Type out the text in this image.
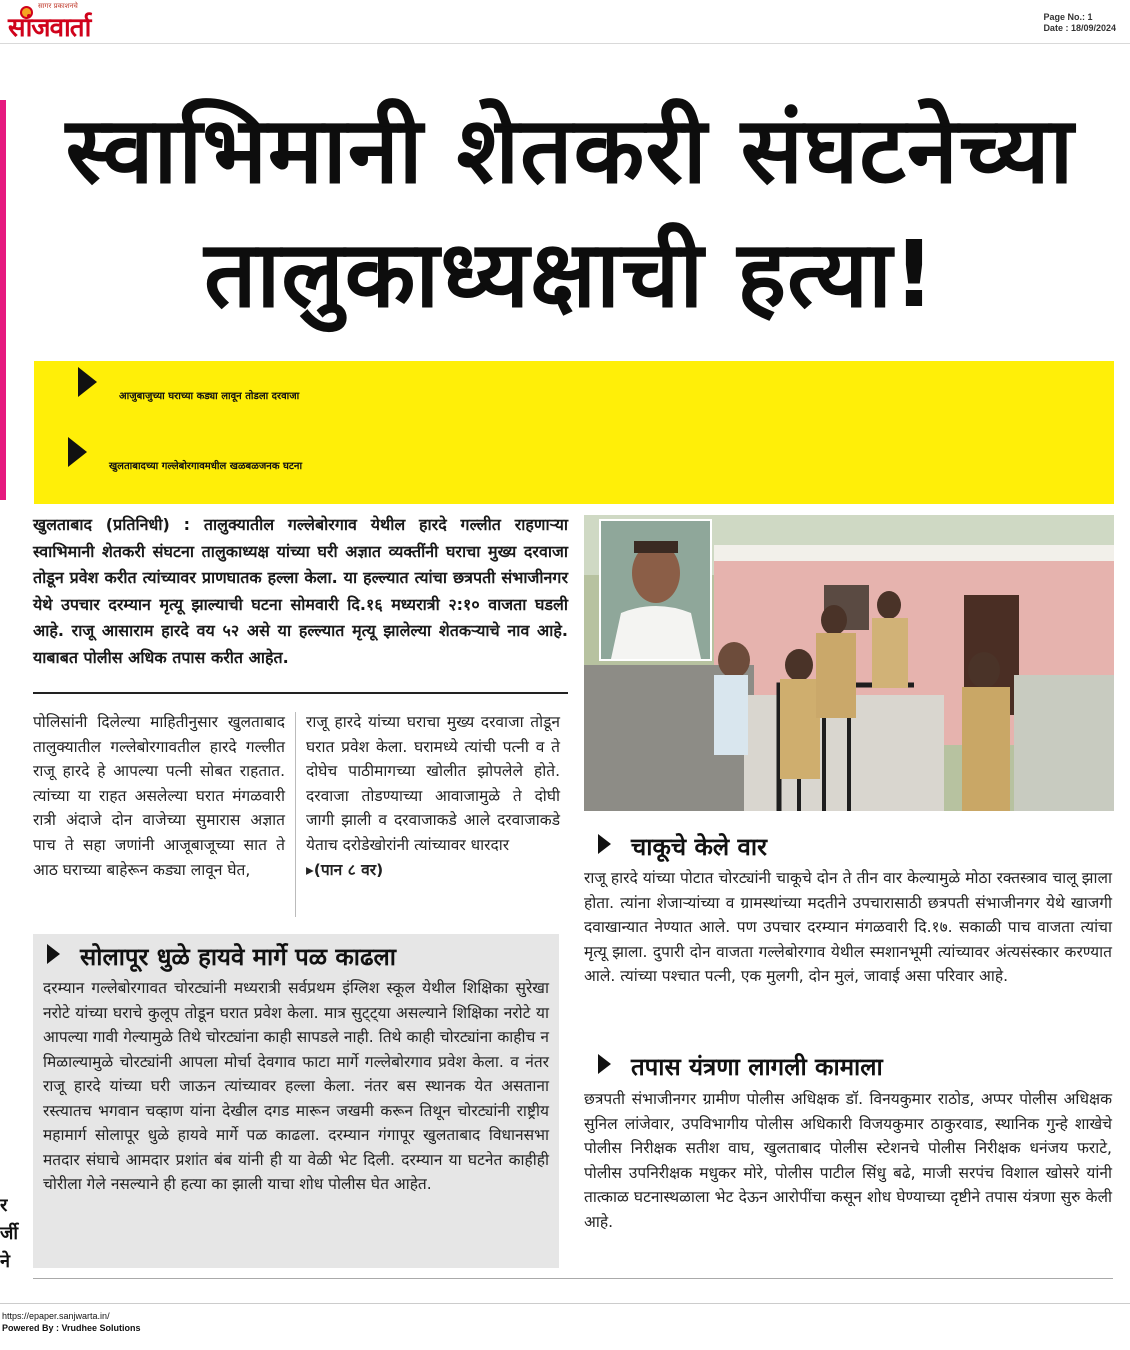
सागर प्रकाशनचे
सांजवार्ता	Page No.: 1
Date : 18/09/2024
र र्जी ने
स्वाभिमानी शेतकरी संघटनेच्या
तालुकाध्यक्षाची हत्या!
आजुबाजुच्या घराच्या कड्या लावून तोडला दरवाजा
खुलताबादच्या गल्लेबोरगावमधील खळबळजनक घटना
खुलताबाद (प्रतिनिधी) : तालुक्यातील गल्लेबोरगाव येथील हारदे गल्लीत राहणाऱ्या स्वाभिमानी शेतकरी संघटना तालुकाध्यक्ष यांच्या घरी अज्ञात व्यक्तींनी घराचा मुख्य दरवाजा तोडून प्रवेश करीत त्यांच्यावर प्राणघातक हल्ला केला. या हल्ल्यात त्यांचा छत्रपती संभाजीनगर येथे उपचार दरम्यान मृत्यू झाल्याची घटना सोमवारी दि.१६ मध्यरात्री २:१० वाजता घडली आहे. राजू आसाराम हारदे वय ५२ असे या हल्ल्यात मृत्यू झालेल्या शेतकऱ्याचे नाव आहे. याबाबत पोलीस अधिक तपास करीत आहेत.
पोलिसांनी दिलेल्या माहितीनुसार खुलताबाद तालुक्यातील गल्लेबोरगावतील हारदे गल्लीत राजू हारदे हे आपल्या पत्नी सोबत राहतात. त्यांच्या या राहत असलेल्या घरात मंगळवारी रात्री अंदाजे दोन वाजेच्या सुमारास अज्ञात पाच ते सहा जणांनी आजूबाजूच्या सात ते आठ घराच्या बाहेरून कड्या लावून घेत,
राजू हारदे यांच्या घराचा मुख्य दरवाजा तोडून घरात प्रवेश केला. घरामध्ये त्यांची पत्नी व ते दोघेच पाठीमागच्या खोलीत झोपलेले होते. दरवाजा तोडण्याच्या आवाजामुळे ते दोघी जागी झाली व दरवाजाकडे आले दरवाजाकडे येताच दरोडेखोरांनी त्यांच्यावर धारदार
▸(पान ८ वर)
चाकूचे केले वार
राजू हारदे यांच्या पोटात चोरट्यांनी चाकूचे दोन ते तीन वार केल्यामुळे मोठा रक्तस्त्राव चालू झाला होता. त्यांना शेजाऱ्यांच्या व ग्रामस्थांच्या मदतीने उपचारासाठी छत्रपती संभाजीनगर येथे खाजगी दवाखान्यात नेण्यात आले. पण उपचार दरम्यान मंगळवारी दि.१७. सकाळी पाच वाजता त्यांचा मृत्यू झाला. दुपारी दोन वाजता गल्लेबोरगाव येथील स्मशानभूमी त्यांच्यावर अंत्यसंस्कार करण्यात आले. त्यांच्या पश्चात पत्नी, एक मुलगी, दोन मुलं, जावाई असा परिवार आहे.
सोलापूर धुळे हायवे मार्गे पळ काढला
दरम्यान गल्लेबोरगावत चोरट्यांनी मध्यरात्री सर्वप्रथम इंग्लिश स्कूल येथील शिक्षिका सुरेखा नरोटे यांच्या घराचे कुलूप तोडून घरात प्रवेश केला. मात्र सुट्ट्या असल्याने शिक्षिका नरोटे या आपल्या गावी गेल्यामुळे तिथे चोरट्यांना काही सापडले नाही. तिथे काही चोरट्यांना काहीच न मिळाल्यामुळे चोरट्यांनी आपला मोर्चा देवगाव फाटा मार्गे गल्लेबोरगाव प्रवेश केला. व नंतर राजू हारदे यांच्या घरी जाऊन त्यांच्यावर हल्ला केला. नंतर बस स्थानक येत असताना रस्त्यातच भगवान चव्हाण यांना देखील दगड मारून जखमी करून तिथून चोरट्यांनी राष्ट्रीय महामार्ग सोलापूर धुळे हायवे मार्गे पळ काढला. दरम्यान गंगापूर खुलताबाद विधानसभा मतदार संघाचे आमदार प्रशांत बंब यांनी ही या वेळी भेट दिली. दरम्यान या घटनेत काहीही चोरीला गेले नसल्याने ही हत्या का झाली याचा शोध पोलीस घेत आहेत.
तपास यंत्रणा लागली कामाला
छत्रपती संभाजीनगर ग्रामीण पोलीस अधिक्षक डॉ. विनयकुमार राठोड, अप्पर पोलीस अधिक्षक सुनिल लांजेवार, उपविभागीय पोलीस अधिकारी विजयकुमार ठाकुरवाड, स्थानिक गुन्हे शाखेचे पोलीस निरीक्षक सतीश वाघ, खुलताबाद पोलीस स्टेशनचे पोलीस निरीक्षक धनंजय फराटे, पोलीस उपनिरीक्षक मधुकर मोरे, पोलीस पाटील सिंधु बढे, माजी सरपंच विशाल खोसरे यांनी तात्काळ घटनास्थळाला भेट देऊन आरोपींचा कसून शोध घेण्याच्या दृष्टीने तपास यंत्रणा सुरु केली आहे.
https://epaper.sanjwarta.in/
Powered By : Vrudhee Solutions
